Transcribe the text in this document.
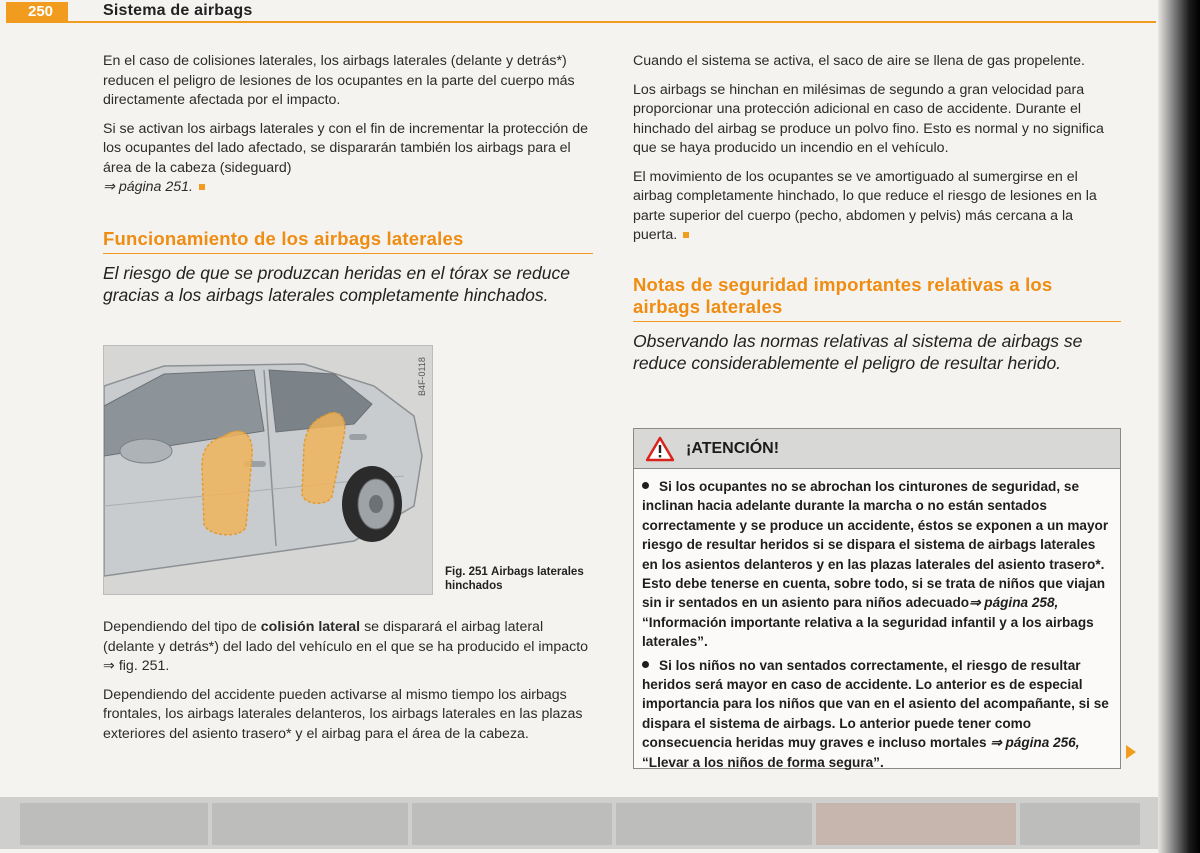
250	Sistema de airbags

En el caso de colisiones laterales, los airbags laterales (delante y detrás*) reducen el peligro de lesiones de los ocupantes en la parte del cuerpo más directamente afectada por el impacto.

Si se activan los airbags laterales y con el fin de incrementar la protección de los ocupantes del lado afectado, se dispararán también los airbags para el área de la cabeza (sideguard)
⇒ página 251.

Funcionamiento de los airbags laterales

El riesgo de que se produzcan heridas en el tórax se reduce gracias a los airbags laterales completamente hinchados.

B4F-0118
Fig. 251 Airbags laterales hinchados

Dependiendo del tipo de colisión lateral se disparará el airbag lateral (delante y detrás*) del lado del vehículo en el que se ha producido el impacto ⇒ fig. 251.

Dependiendo del accidente pueden activarse al mismo tiempo los airbags frontales, los airbags laterales delanteros, los airbags laterales en las plazas exteriores del asiento trasero* y el airbag para el área de la cabeza.

Cuando el sistema se activa, el saco de aire se llena de gas propelente.

Los airbags se hinchan en milésimas de segundo a gran velocidad para proporcionar una protección adicional en caso de accidente. Durante el hinchado del airbag se produce un polvo fino. Esto es normal y no significa que se haya producido un incendio en el vehículo.

El movimiento de los ocupantes se ve amortiguado al sumergirse en el airbag completamente hinchado, lo que reduce el riesgo de lesiones en la parte superior del cuerpo (pecho, abdomen y pelvis) más cercana a la puerta.

Notas de seguridad importantes relativas a los airbags laterales

Observando las normas relativas al sistema de airbags se reduce considerablemente el peligro de resultar herido.

¡ATENCIÓN!

Si los ocupantes no se abrochan los cinturones de seguridad, se inclinan hacia adelante durante la marcha o no están sentados correctamente y se produce un accidente, éstos se exponen a un mayor riesgo de resultar heridos si se dispara el sistema de airbags laterales en los asientos delanteros y en las plazas laterales del asiento trasero*. Esto debe tenerse en cuenta, sobre todo, si se trata de niños que viajan sin ir sentados en un asiento para niños adecuado⇒ página 258, “Información importante relativa a la seguridad infantil y a los airbags laterales”.

Si los niños no van sentados correctamente, el riesgo de resultar heridos será mayor en caso de accidente. Lo anterior es de especial importancia para los niños que van en el asiento del acompañante, si se dispara el sistema de airbags. Lo anterior puede tener como consecuencia heridas muy graves e incluso mortales ⇒ página 256, “Llevar a los niños de forma segura”.
